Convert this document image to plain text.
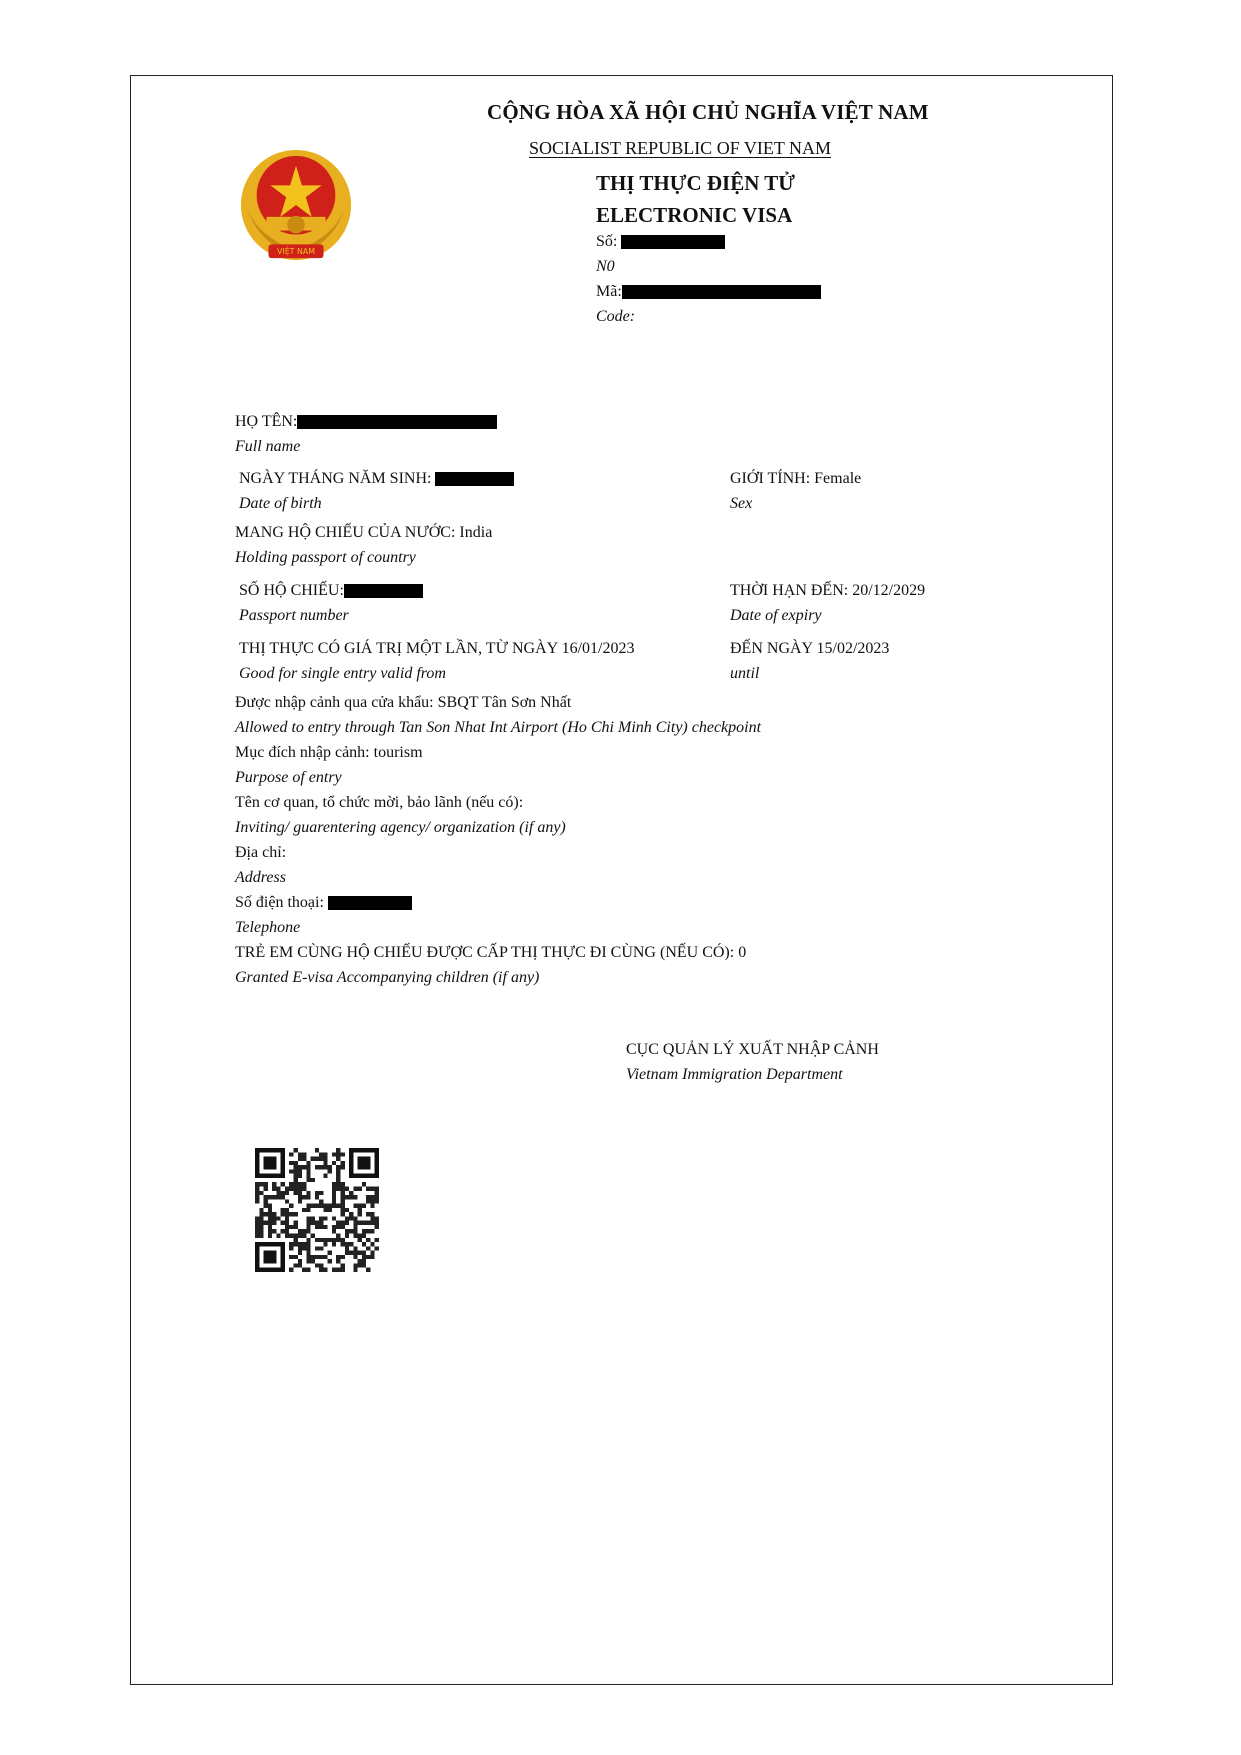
VIỆT NAM
CỘNG HÒA XÃ HỘI CHỦ NGHĨA VIỆT NAM
SOCIALIST REPUBLIC OF VIET NAM
THỊ THỰC ĐIỆN TỬ
ELECTRONIC VISA
Số:
N0
Mã:
Code:
HỌ TÊN:
Full name
NGÀY THÁNG NĂM SINH:
Date of birth
GIỚI TÍNH: Female
Sex
MANG HỘ CHIẾU CỦA NƯỚC: India
Holding passport of country
SỐ HỘ CHIẾU:
Passport number
THỜI HẠN ĐẾN: 20/12/2029
Date of expiry
THỊ THỰC CÓ GIÁ TRỊ MỘT LẦN, TỪ NGÀY 16/01/2023
Good for single entry valid from
ĐẾN NGÀY 15/02/2023
until
Được nhập cảnh qua cửa khẩu: SBQT Tân Sơn Nhất
Allowed to entry through Tan Son Nhat Int Airport (Ho Chi Minh City) checkpoint
Mục đích nhập cảnh: tourism
Purpose of entry
Tên cơ quan, tổ chức mời, bảo lãnh (nếu có):
Inviting/ guarentering agency/ organization (if any)
Địa chỉ:
Address
Số điện thoại:
Telephone
TRẺ EM CÙNG HỘ CHIẾU ĐƯỢC CẤP THỊ THỰC ĐI CÙNG (NẾU CÓ): 0
Granted E-visa Accompanying children (if any)
CỤC QUẢN LÝ XUẤT NHẬP CẢNH
Vietnam Immigration Department
